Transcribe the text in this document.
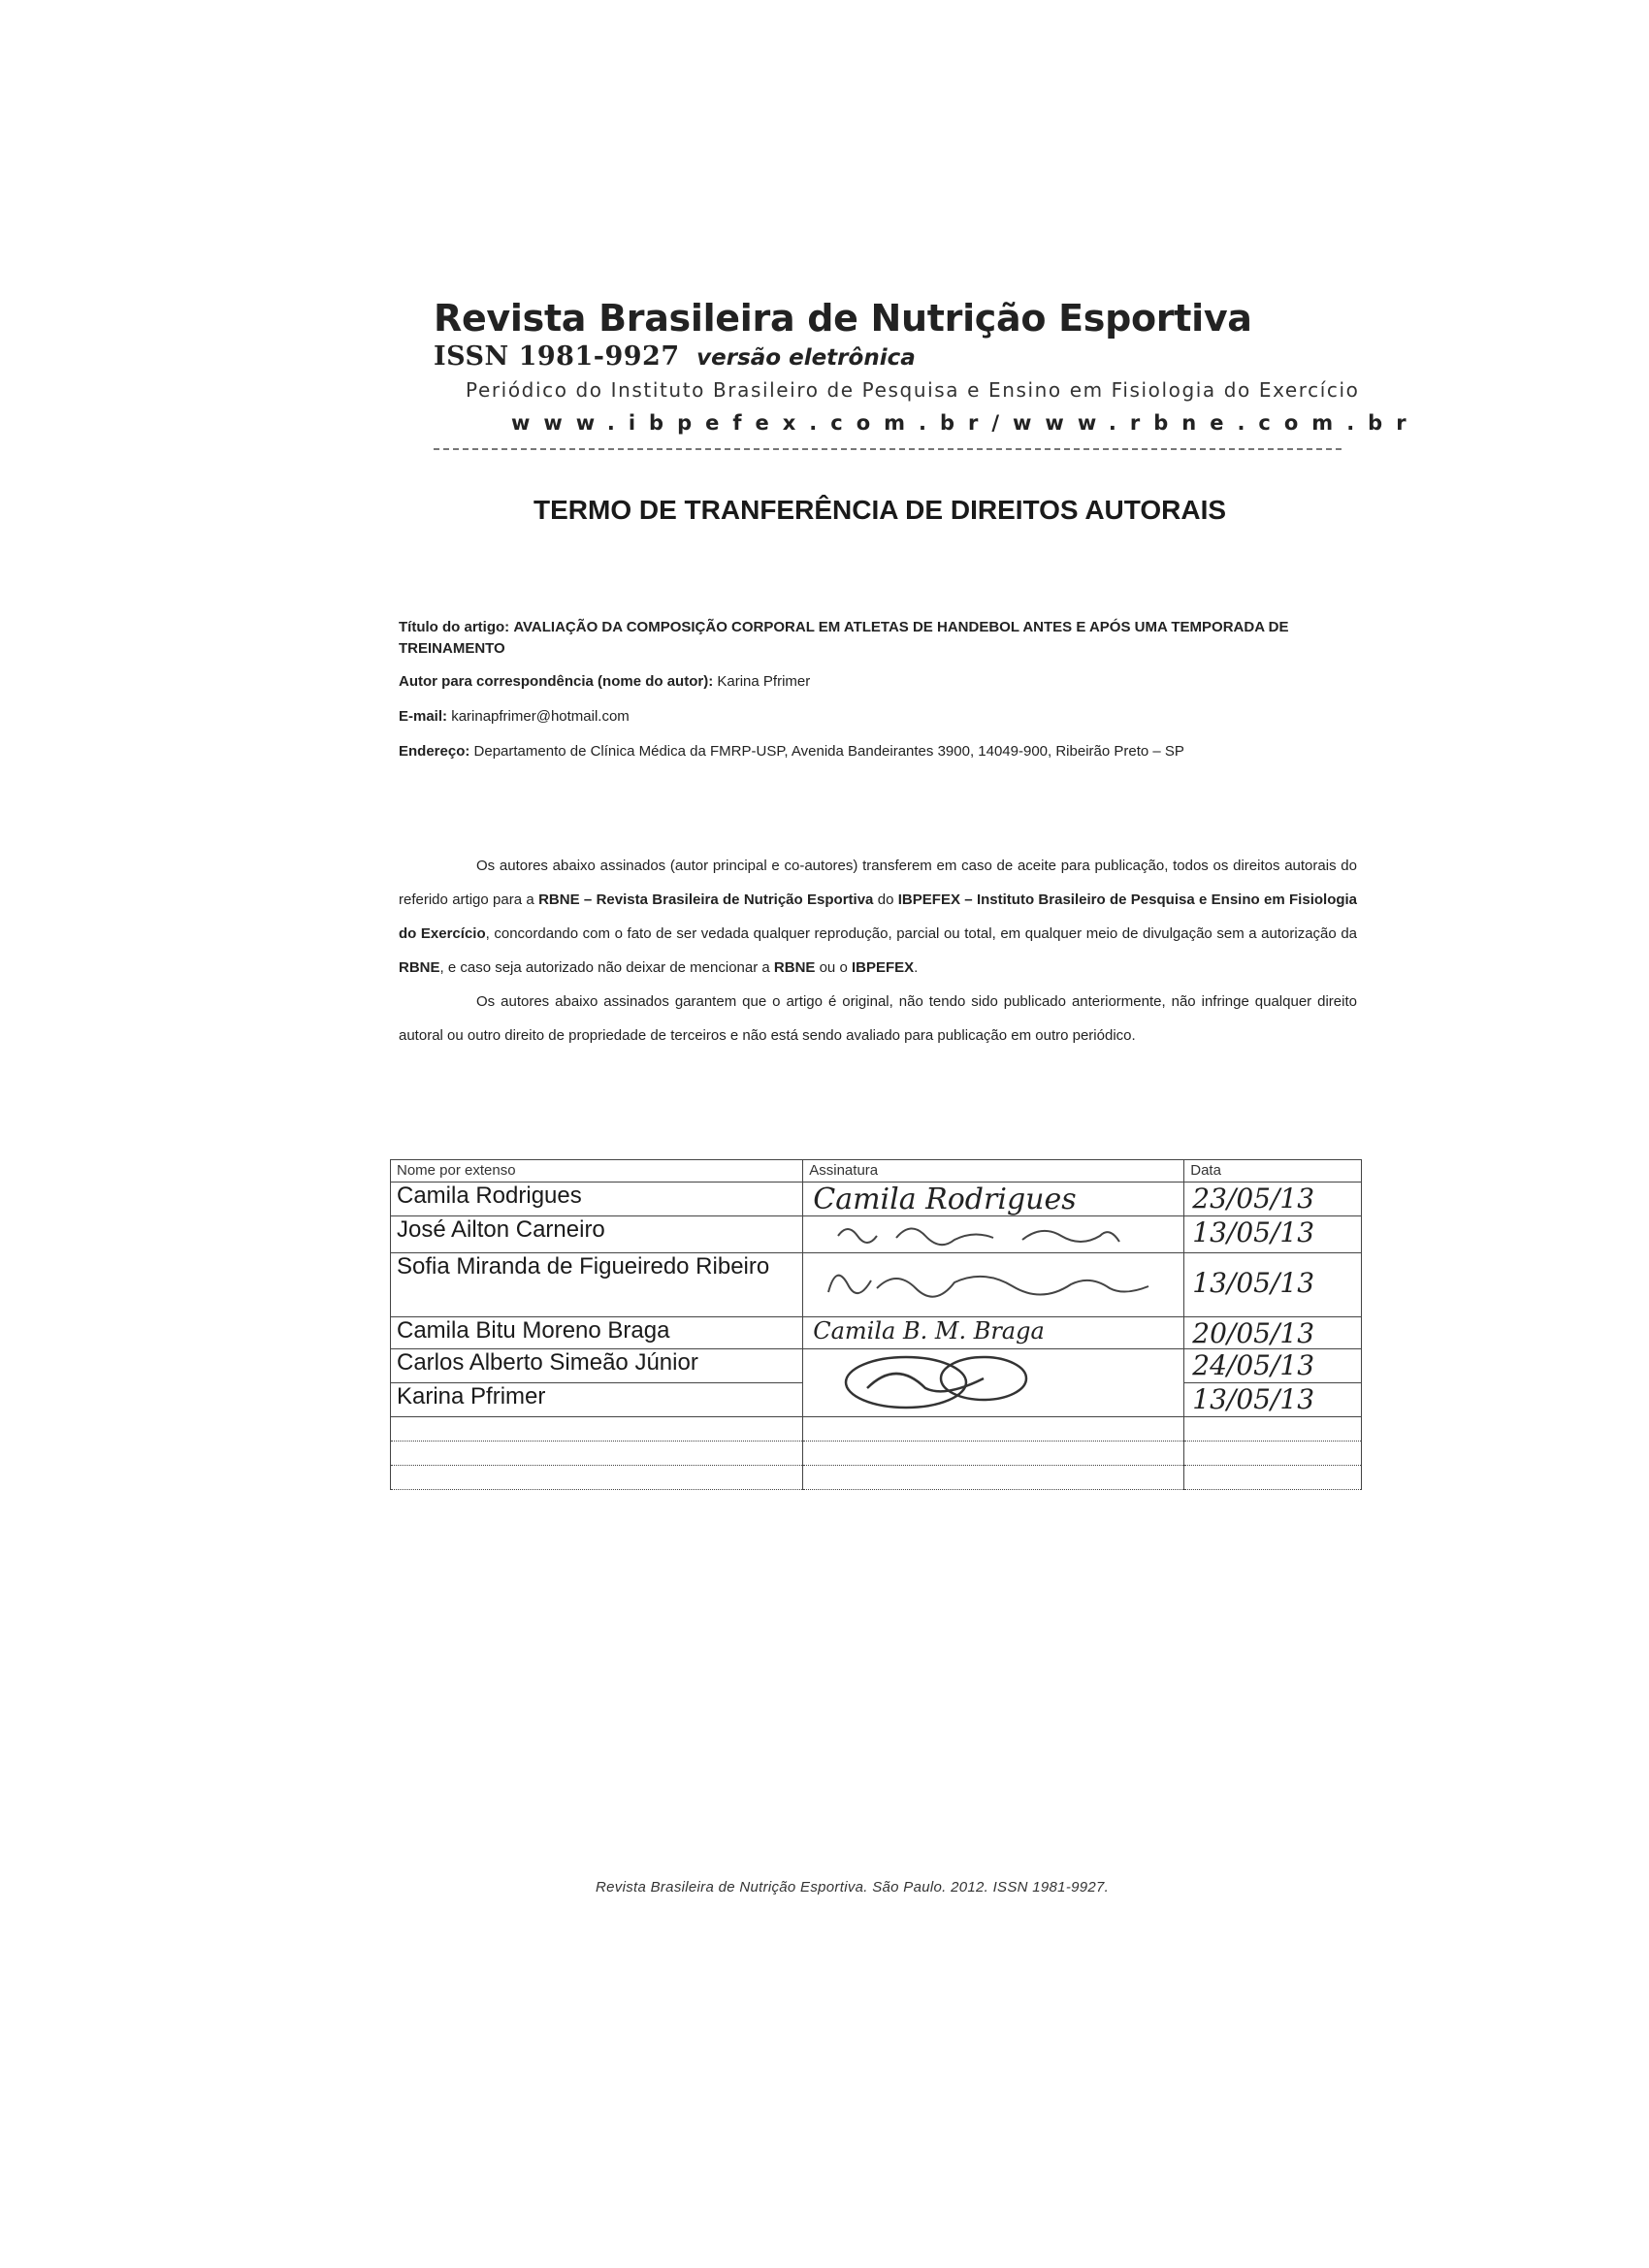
Revista Brasileira de Nutrição Esportiva
ISSN 1981-9927 versão eletrônica
Periódico do Instituto Brasileiro de Pesquisa e Ensino em Fisiologia do Exercício
www.ibpefex.com.br/www.rbne.com.br
TERMO DE TRANFERÊNCIA DE DIREITOS AUTORAIS
Título do artigo: AVALIAÇÃO DA COMPOSIÇÃO CORPORAL EM ATLETAS DE HANDEBOL ANTES E APÓS UMA TEMPORADA DE TREINAMENTO
Autor para correspondência (nome do autor): Karina Pfrimer
E-mail: karinapfrimer@hotmail.com
Endereço: Departamento de Clínica Médica da FMRP-USP, Avenida Bandeirantes 3900, 14049-900, Ribeirão Preto – SP

Os autores abaixo assinados (autor principal e co-autores) transferem em caso de aceite para publicação, todos os direitos autorais do referido artigo para a RBNE – Revista Brasileira de Nutrição Esportiva do IBPEFEX – Instituto Brasileiro de Pesquisa e Ensino em Fisiologia do Exercício, concordando com o fato de ser vedada qualquer reprodução, parcial ou total, em qualquer meio de divulgação sem a autorização da RBNE, e caso seja autorizado não deixar de mencionar a RBNE ou o IBPEFEX.

Os autores abaixo assinados garantem que o artigo é original, não tendo sido publicado anteriormente, não infringe qualquer direito autoral ou outro direito de propriedade de terceiros e não está sendo avaliado para publicação em outro periódico.

Nome por extenso	Assinatura	Data
Camila Rodrigues	Camila Rodrigues	23/05/13

José Ailton Carneiro		13/05/13

Sofia Miranda de Figueiredo Ribeiro		13/05/13

Camila Bitu Moreno Braga	Camila B. M. Braga	20/05/13

Carlos Alberto Simeão Júnior		24/05/13

Karina Pfrimer		13/05/13

Revista Brasileira de Nutrição Esportiva. São Paulo. 2012. ISSN 1981-9927.
